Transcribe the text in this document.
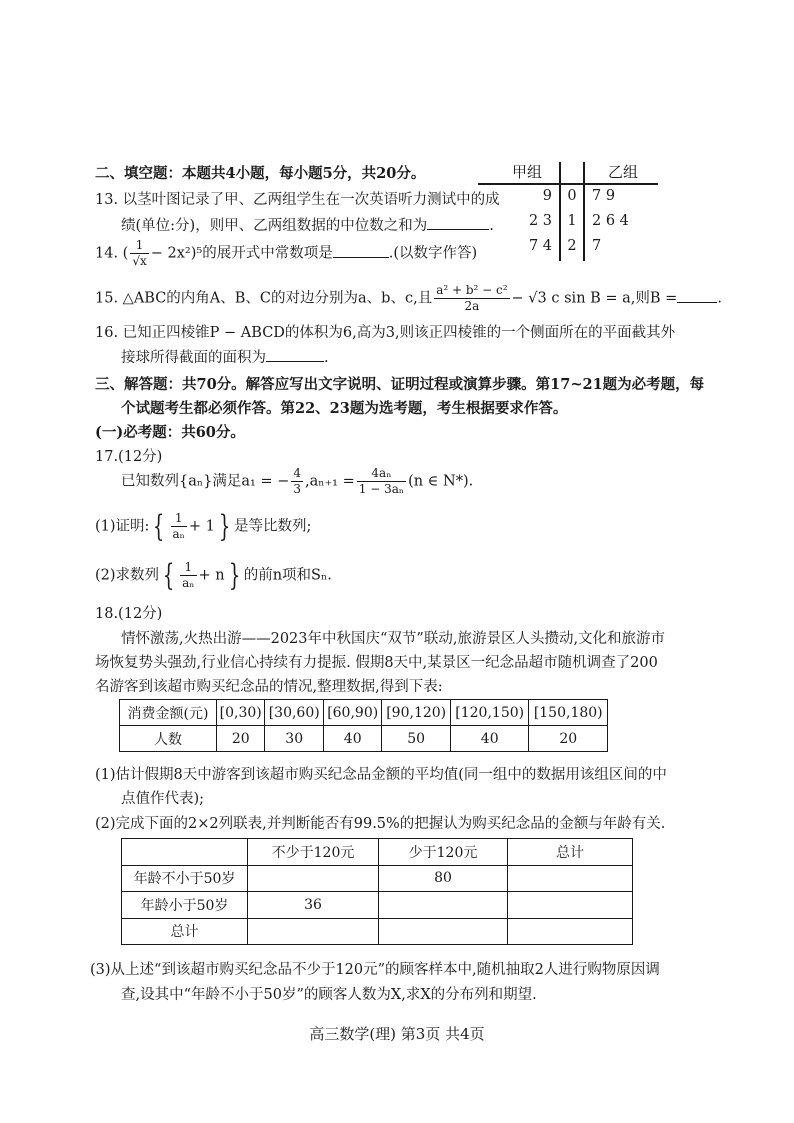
二、填空题：本题共4小题，每小题5分，共20分。	甲组	乙组
9	0	7 9
2 3	1	2 6 4
7 4	2	7
13. 以茎叶图记录了甲、乙两组学生在一次英语听力测试中的成
绩(单位:分)，则甲、乙两组数据的中位数之和为	.
14. ( $\frac{1}{√x} - 2x^2)^5$的展开式中常数项是	.(以数字作答)
15. △ABC的内角A、B、C的对边分别为a、b、c,且 $\frac{\text{a² + b² − c²}}{2a} - √3$ c sin B = a,则B =	.
16. 已知正四棱锥P − ABCD的体积为6,高为3,则该正四棱锥的一个侧面所在的平面截其外
接球所得截面的面积为	.
三、解答题：共70分。解答应写出文字说明、证明过程或演算步骤。第17~21题为必考题，每
个试题考生都必须作答。第22、23题为选考题，考生根据要求作答。
(一)必考题：共60分。
17.(12分)
已知数列{aₙ}满足a₁ = − $\frac{4}{3} ,a_{n+1} = \frac{\text{4aₙ}}{\text{1 − 3aₙ}} (n$ ∈ N*).
(1)证明: { $\frac{1}{\text{aₙ}} + 1$ } 是等比数列;
(2)求数列 { $\frac{1}{\text{aₙ}} + n$ } 的前n项和Sₙ.
18.(12分)
情怀激荡,火热出游——2023年中秋国庆“双节”联动,旅游景区人头攒动,文化和旅游市
场恢复势头强劲,行业信心持续有力提振. 假期8天中,某景区一纪念品超市随机调查了200
名游客到该超市购买纪念品的情况,整理数据,得到下表:
消费金额(元)	[0,30)	[30,60)	[60,90)	[90,120)	[120,150)	[150,180)
人数	20	30	40	50	40	20
(1)估计假期8天中游客到该超市购买纪念品金额的平均值(同一组中的数据用该组区间的中
点值作代表);
(2)完成下面的2×2列联表,并判断能否有99.5%的把握认为购买纪念品的金额与年龄有关.
	不少于120元	少于120元	总计
年龄不小于50岁		80	
年龄小于50岁	36		
总计			
(3)从上述“到该超市购买纪念品不少于120元”的顾客样本中,随机抽取2人进行购物原因调
查,设其中“年龄不小于50岁”的顾客人数为X,求X的分布列和期望.
高三数学(理) 第3页 共4页
